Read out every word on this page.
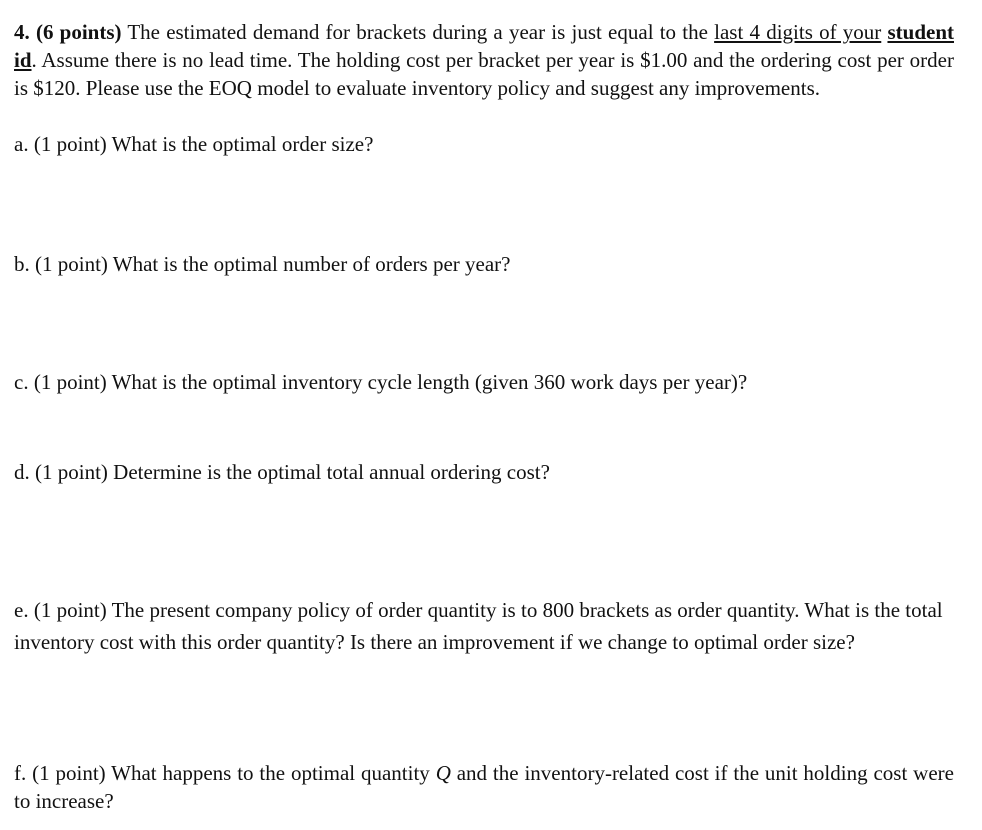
4. (6 points) The estimated demand for brackets during a year is just equal to the last 4 digits of your student id. Assume there is no lead time. The holding cost per bracket per year is $1.00 and the ordering cost per order is $120. Please use the EOQ model to evaluate inventory policy and suggest any improvements.
a. (1 point) What is the optimal order size?
b. (1 point) What is the optimal number of orders per year?
c. (1 point) What is the optimal inventory cycle length (given 360 work days per year)?
d. (1 point) Determine is the optimal total annual ordering cost?
e. (1 point) The present company policy of order quantity is to 800 brackets as order quantity. What is the total inventory cost with this order quantity? Is there an improvement if we change to optimal order size?
f. (1 point) What happens to the optimal quantity Q and the inventory-related cost if the unit holding cost were to increase?
